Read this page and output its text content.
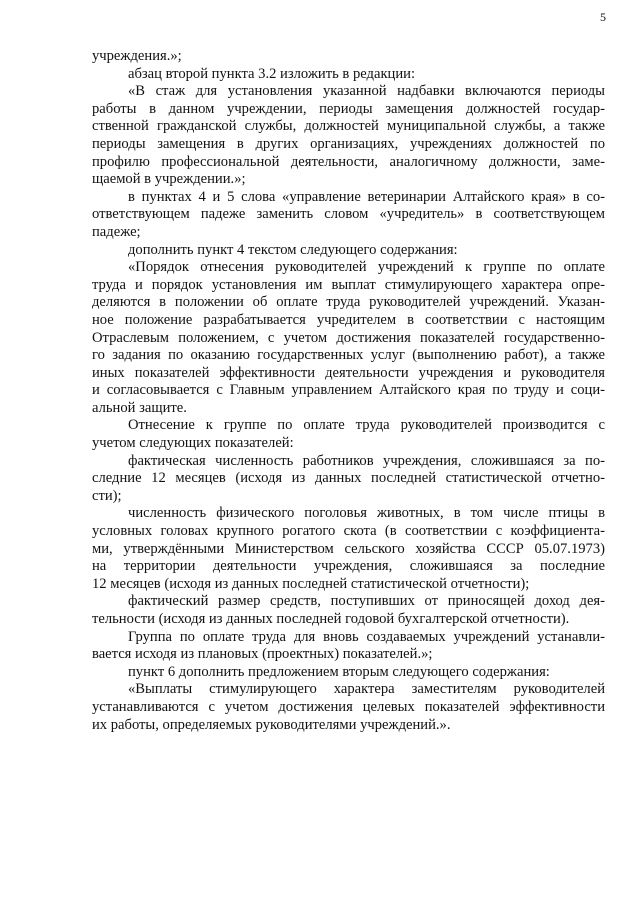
5
учреждения.»;
абзац второй пункта 3.2 изложить в редакции:
«В стаж для установления указанной надбавки включаются периоды
работы в данном учреждении, периоды замещения должностей государ-
ственной гражданской службы, должностей муниципальной службы, а также
периоды замещения в других организациях, учреждениях должностей по
профилю профессиональной деятельности, аналогичному должности, заме-
щаемой в учреждении.»;
в пунктах 4 и 5 слова «управление ветеринарии Алтайского края» в со-
ответствующем падеже заменить словом «учредитель» в соответствующем
падеже;
дополнить пункт 4 текстом следующего содержания:
«Порядок отнесения руководителей учреждений к группе по оплате
труда и порядок установления им выплат стимулирующего характера опре-
деляются в положении об оплате труда руководителей учреждений. Указан-
ное положение разрабатывается учредителем в соответствии с настоящим
Отраслевым положением, с учетом достижения показателей государственно-
го задания по оказанию государственных услуг (выполнению работ), а также
иных показателей эффективности деятельности учреждения и руководителя
и согласовывается с Главным управлением Алтайского края по труду и соци-
альной защите.
Отнесение к группе по оплате труда руководителей производится с
учетом следующих показателей:
фактическая численность работников учреждения, сложившаяся за по-
следние 12 месяцев (исходя из данных последней статистической отчетно-
сти);
численность физического поголовья животных, в том числе птицы в
условных головах крупного рогатого скота (в соответствии с коэффициента-
ми, утверждёнными Министерством сельского хозяйства СССР 05.07.1973)
на территории деятельности учреждения, сложившаяся за последние
12 месяцев (исходя из данных последней статистической отчетности);
фактический размер средств, поступивших от приносящей доход дея-
тельности (исходя из данных последней годовой бухгалтерской отчетности).
Группа по оплате труда для вновь создаваемых учреждений устанавли-
вается исходя из плановых (проектных) показателей.»;
пункт 6 дополнить предложением вторым следующего содержания:
«Выплаты стимулирующего характера заместителям руководителей
устанавливаются с учетом достижения целевых показателей эффективности
их работы, определяемых руководителями учреждений.».
